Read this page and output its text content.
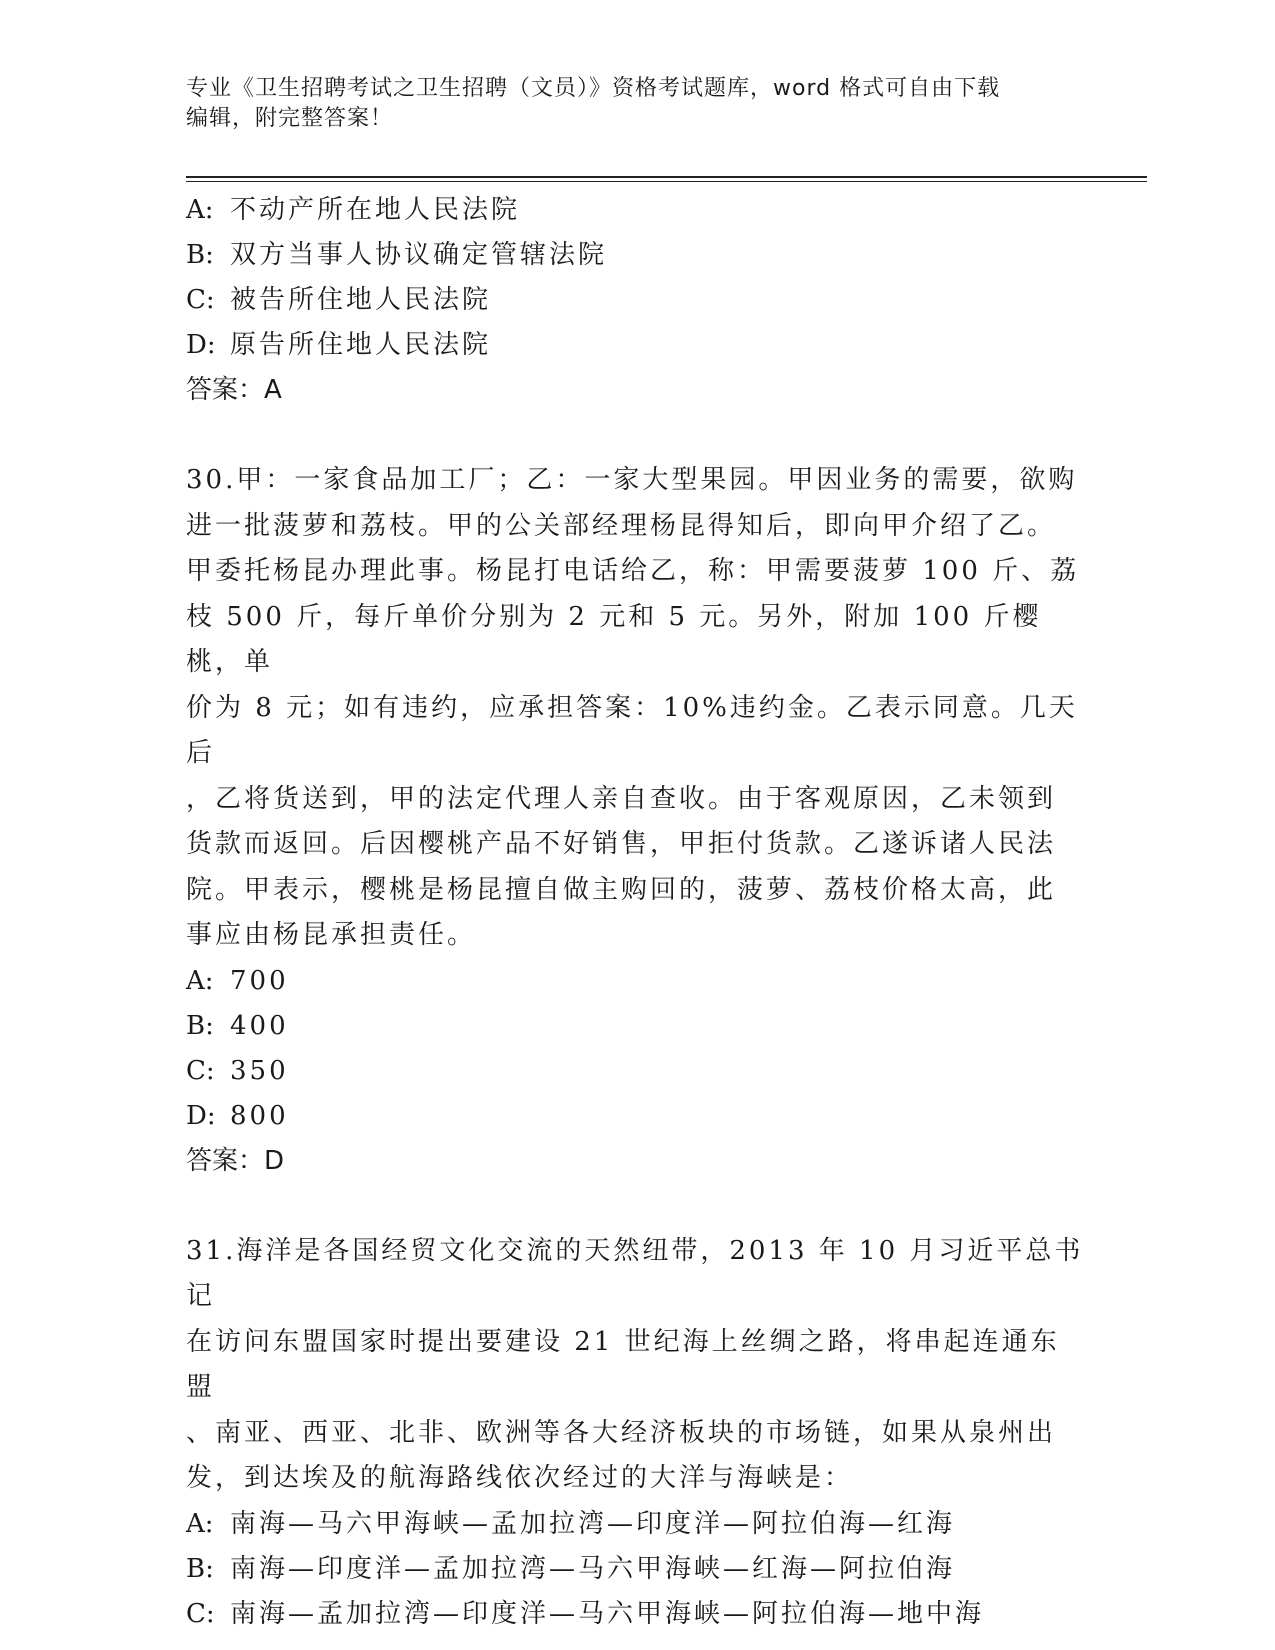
专业《卫生招聘考试之卫生招聘（文员）》资格考试题库，word 格式可自由下载
编辑，附完整答案！
A: 不动产所在地人民法院
B: 双方当事人协议确定管辖法院
C: 被告所住地人民法院
D: 原告所住地人民法院
答案：A
30.甲：一家食品加工厂；乙：一家大型果园。甲因业务的需要，欲购
进一批菠萝和荔枝。甲的公关部经理杨昆得知后，即向甲介绍了乙。
甲委托杨昆办理此事。杨昆打电话给乙，称：甲需要菠萝 100 斤、荔
枝 500 斤，每斤单价分别为 2 元和 5 元。另外，附加 100 斤樱桃，单
价为 8 元；如有违约，应承担答案：10%违约金。乙表示同意。几天后
，乙将货送到，甲的法定代理人亲自查收。由于客观原因，乙未领到
货款而返回。后因樱桃产品不好销售，甲拒付货款。乙遂诉诸人民法
院。甲表示，樱桃是杨昆擅自做主购回的，菠萝、荔枝价格太高，此
事应由杨昆承担责任。
A: 700
B: 400
C: 350
D: 800
答案：D
31.海洋是各国经贸文化交流的天然纽带，2013 年 10 月习近平总书记
在访问东盟国家时提出要建设 21 世纪海上丝绸之路，将串起连通东盟
、南亚、西亚、北非、欧洲等各大经济板块的市场链，如果从泉州出
发，到达埃及的航海路线依次经过的大洋与海峡是：
A: 南海—马六甲海峡—孟加拉湾—印度洋—阿拉伯海—红海
B: 南海—印度洋—孟加拉湾—马六甲海峡—红海—阿拉伯海
C: 南海—孟加拉湾—印度洋—马六甲海峡—阿拉伯海—地中海
